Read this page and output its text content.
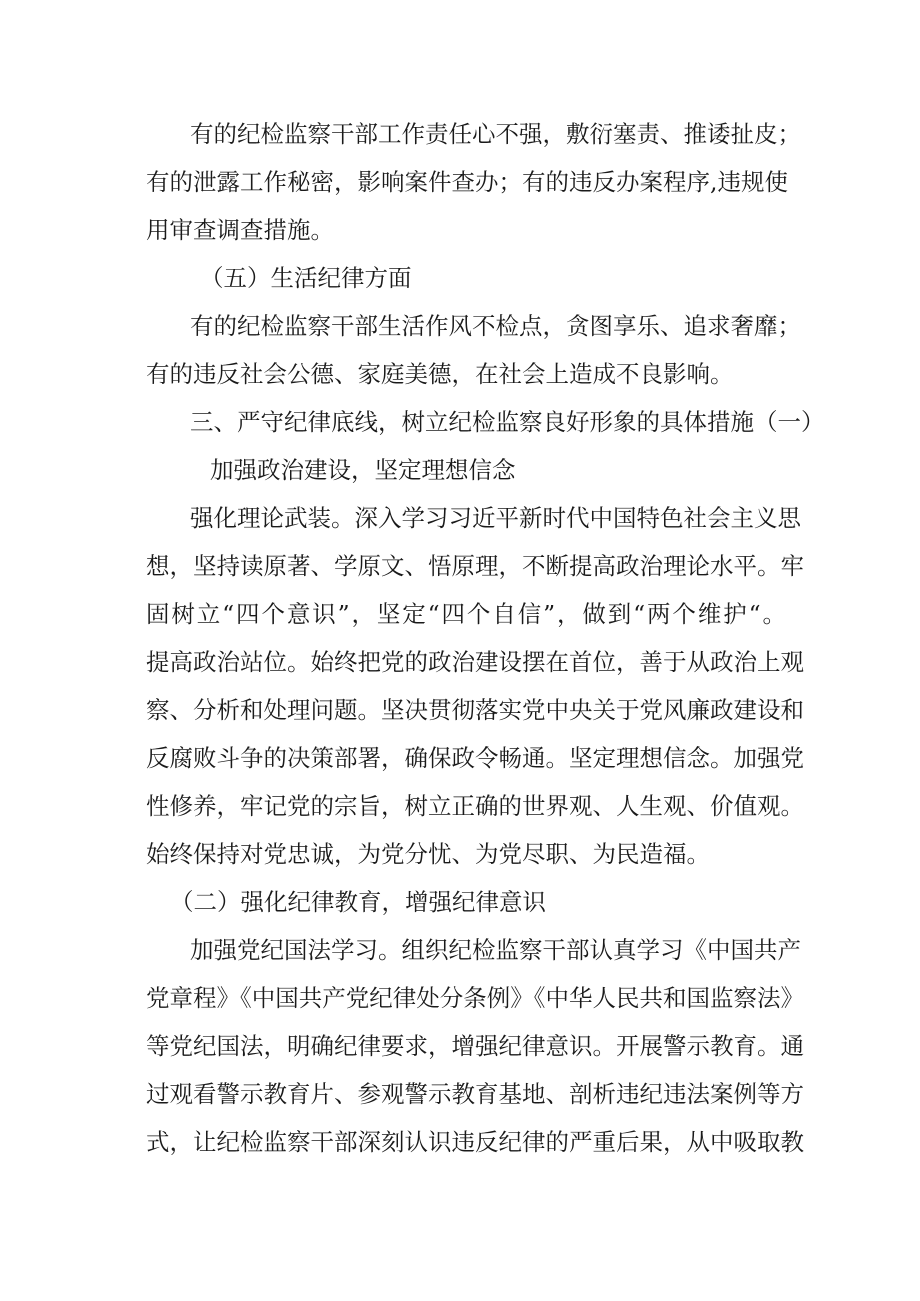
有的纪检监察干部工作责任心不强，敷衍塞责、推诿扯皮；
有的泄露工作秘密，影响案件查办；有的违反办案程序,违规使
用审查调查措施。
（五）生活纪律方面
有的纪检监察干部生活作风不检点，贪图享乐、追求奢靡；
有的违反社会公德、家庭美德，在社会上造成不良影响。
三、严守纪律底线，树立纪检监察良好形象的具体措施（一）
加强政治建设，坚定理想信念
强化理论武装。深入学习习近平新时代中国特色社会主义思
想，坚持读原著、学原文、悟原理，不断提高政治理论水平。牢
固树立“四个意识”，坚定“四个自信”，做到“两个维护“。
提高政治站位。始终把党的政治建设摆在首位，善于从政治上观
察、分析和处理问题。坚决贯彻落实党中央关于党风廉政建设和
反腐败斗争的决策部署，确保政令畅通。坚定理想信念。加强党
性修养，牢记党的宗旨，树立正确的世界观、人生观、价值观。
始终保持对党忠诚，为党分忧、为党尽职、为民造福。
（二）强化纪律教育，增强纪律意识
加强党纪国法学习。组织纪检监察干部认真学习《中国共产
党章程》《中国共产党纪律处分条例》《中华人民共和国监察法》
等党纪国法，明确纪律要求，增强纪律意识。开展警示教育。通
过观看警示教育片、参观警示教育基地、剖析违纪违法案例等方
式，让纪检监察干部深刻认识违反纪律的严重后果，从中吸取教
